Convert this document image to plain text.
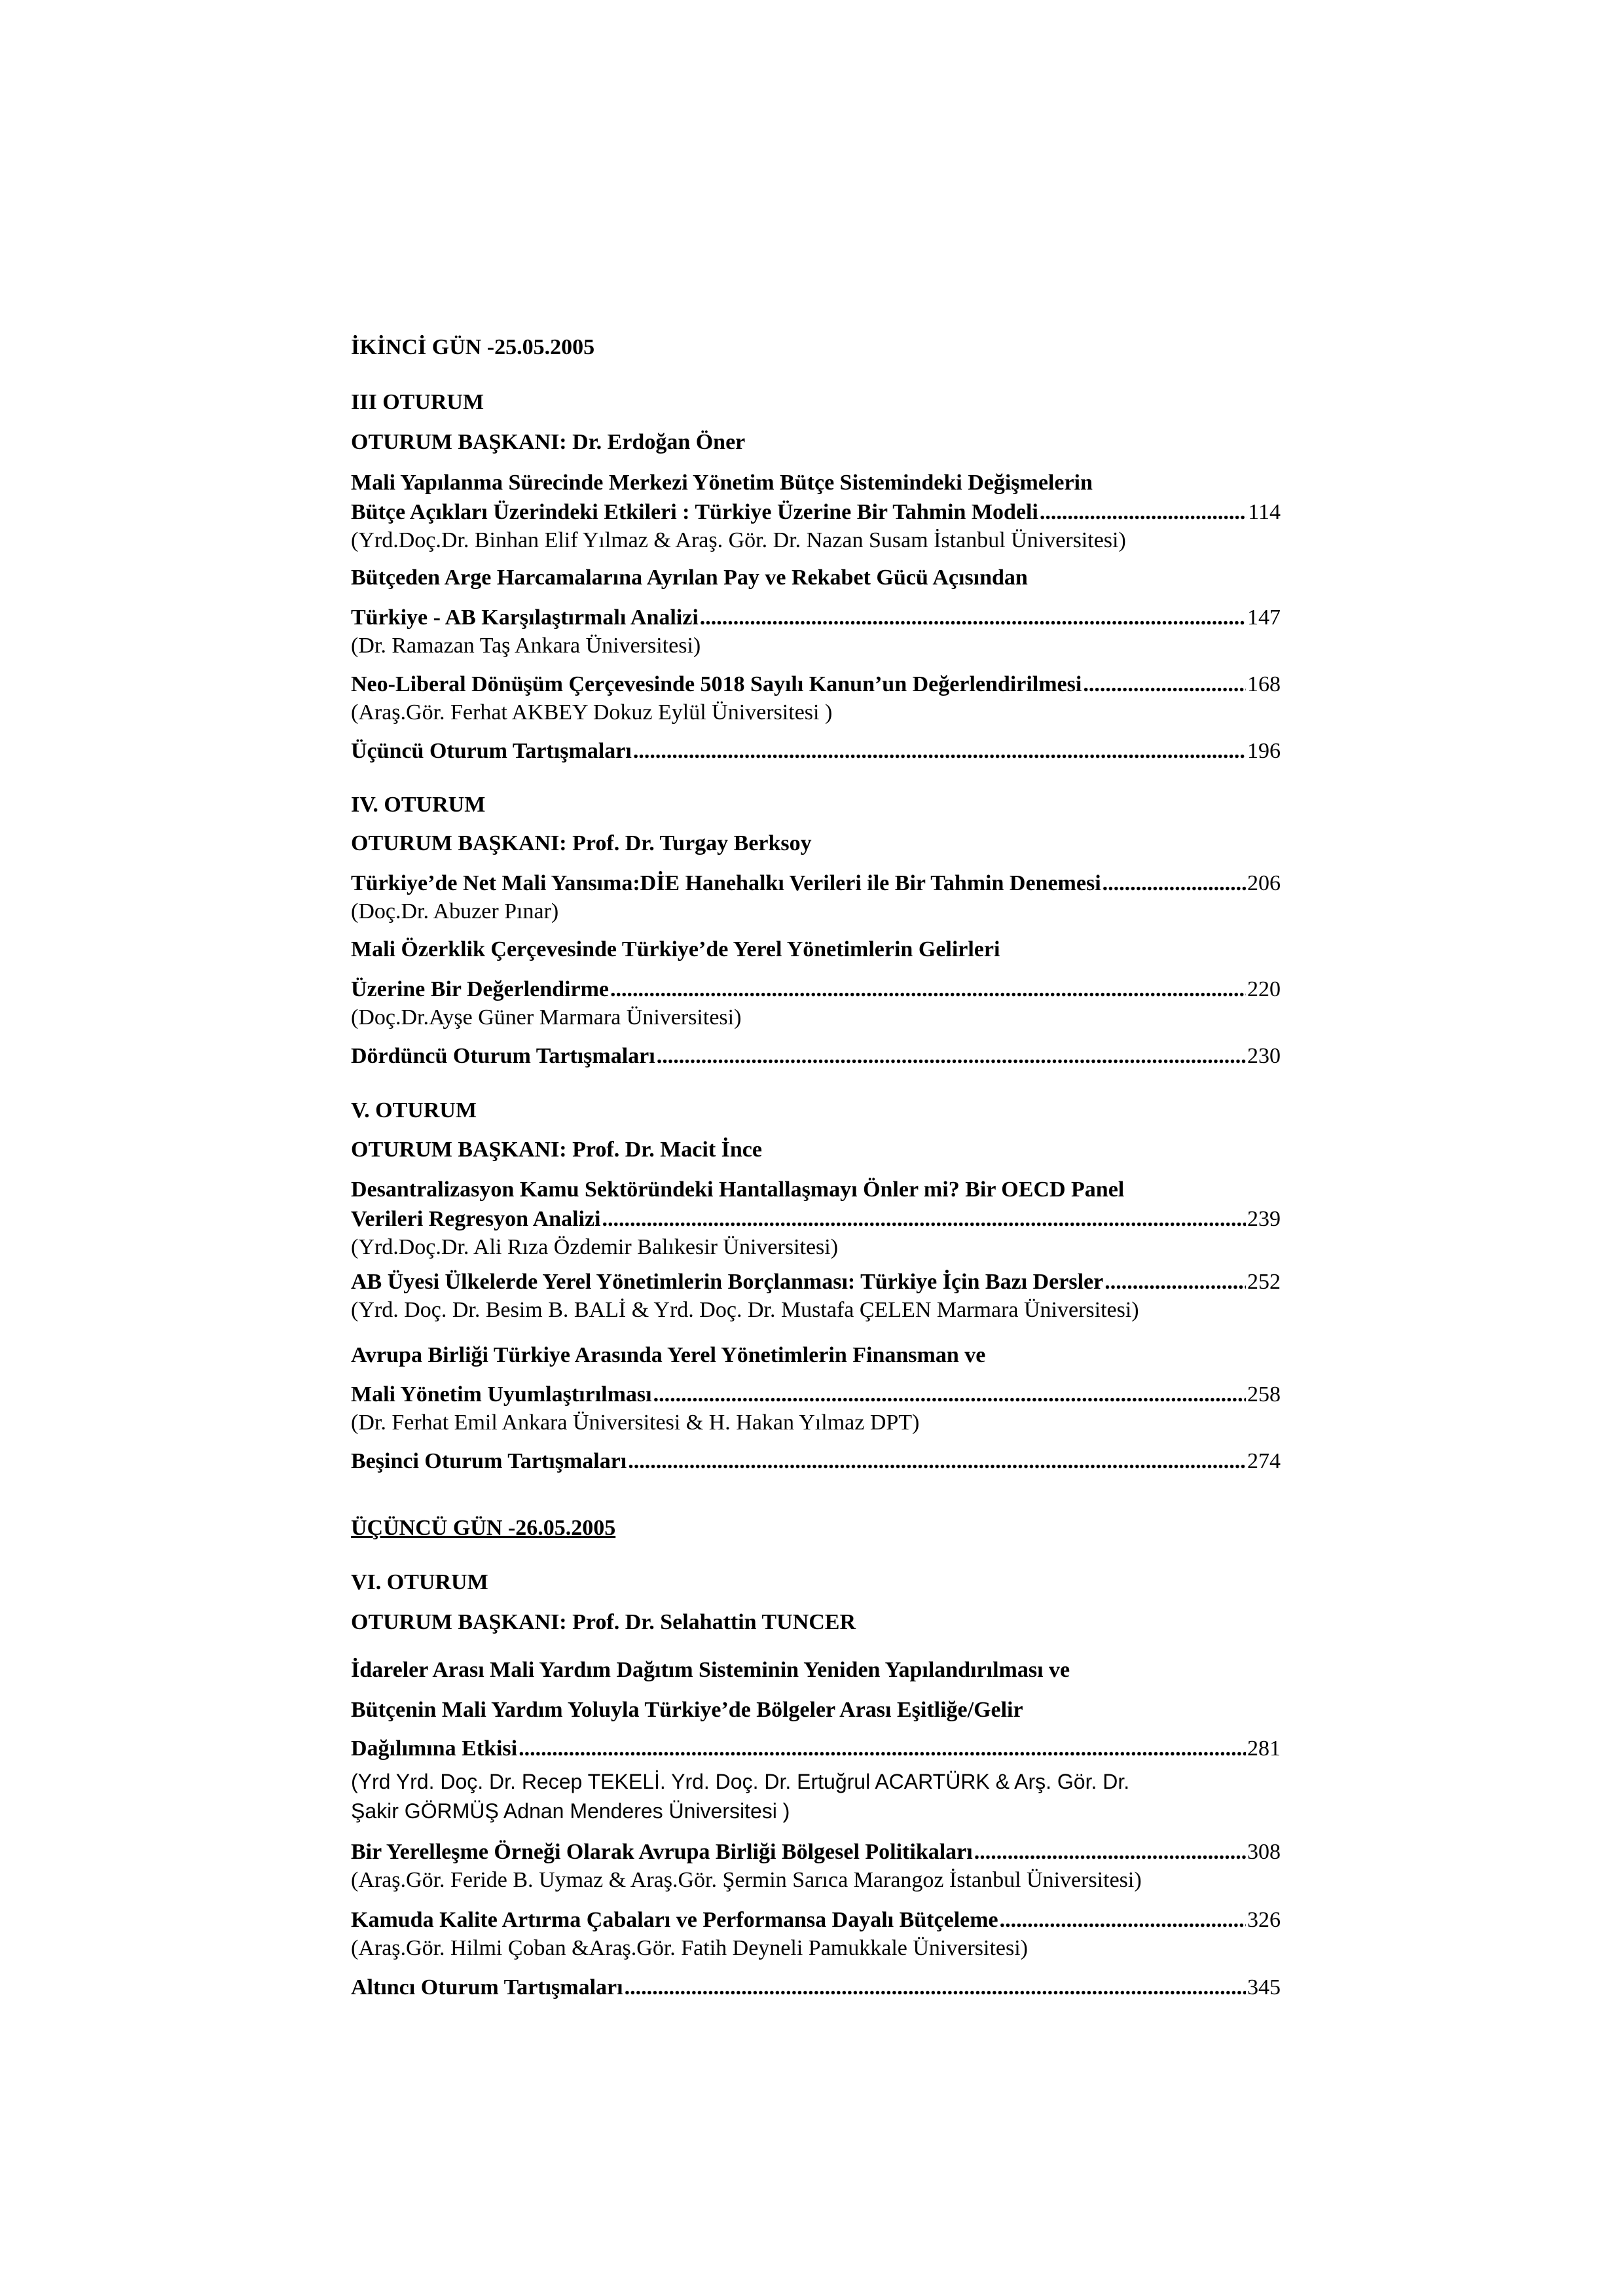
İKİNCİ GÜN -25.05.2005
III OTURUM
OTURUM BAŞKANI: Dr. Erdoğan Öner
Mali Yapılanma Sürecinde Merkezi Yönetim Bütçe Sistemindeki Değişmelerin
Bütçe Açıkları Üzerindeki Etkileri : Türkiye Üzerine Bir Tahmin Modeli .....	114
(Yrd.Doç.Dr. Binhan Elif Yılmaz & Araş. Gör. Dr. Nazan Susam İstanbul Üniversitesi)
Bütçeden Arge Harcamalarına Ayrılan Pay ve Rekabet Gücü Açısından
Türkiye - AB Karşılaştırmalı Analizi .....	147
(Dr. Ramazan Taş Ankara Üniversitesi)
Neo-Liberal Dönüşüm Çerçevesinde 5018 Sayılı Kanun’un Değerlendirilmesi .....	168
(Araş.Gör. Ferhat AKBEY Dokuz Eylül Üniversitesi )
Üçüncü Oturum Tartışmaları .....	196
IV. OTURUM
OTURUM BAŞKANI: Prof. Dr. Turgay Berksoy
Türkiye’de Net Mali Yansıma:DİE Hanehalkı Verileri ile Bir Tahmin Denemesi .....	206
(Doç.Dr. Abuzer Pınar)
Mali Özerklik Çerçevesinde Türkiye’de Yerel Yönetimlerin Gelirleri
Üzerine Bir Değerlendirme .....	220
(Doç.Dr.Ayşe Güner Marmara Üniversitesi)
Dördüncü Oturum Tartışmaları .....	230
V. OTURUM
OTURUM BAŞKANI: Prof. Dr. Macit İnce
Desantralizasyon Kamu Sektöründeki Hantallaşmayı Önler mi? Bir OECD Panel
Verileri Regresyon Analizi .....	239
(Yrd.Doç.Dr. Ali Rıza Özdemir Balıkesir Üniversitesi)
AB Üyesi Ülkelerde Yerel Yönetimlerin Borçlanması: Türkiye İçin Bazı Dersler .....	252
(Yrd. Doç. Dr. Besim B. BALİ & Yrd. Doç. Dr. Mustafa ÇELEN Marmara Üniversitesi)
Avrupa Birliği Türkiye Arasında Yerel Yönetimlerin Finansman ve
Mali Yönetim Uyumlaştırılması .....	258
(Dr. Ferhat Emil Ankara Üniversitesi & H. Hakan Yılmaz DPT)
Beşinci Oturum Tartışmaları .....	274
ÜÇÜNCÜ GÜN -26.05.2005
VI. OTURUM
OTURUM BAŞKANI: Prof. Dr. Selahattin TUNCER
İdareler Arası Mali Yardım Dağıtım Sisteminin Yeniden Yapılandırılması ve
Bütçenin Mali Yardım Yoluyla Türkiye’de Bölgeler Arası Eşitliğe/Gelir
Dağılımına Etkisi .....	281
(Yrd Yrd. Doç. Dr. Recep TEKELİ. Yrd. Doç. Dr. Ertuğrul ACARTÜRK & Arş. Gör. Dr.
Şakir GÖRMÜŞ Adnan Menderes Üniversitesi )
Bir Yerelleşme Örneği Olarak Avrupa Birliği Bölgesel Politikaları .....	308
(Araş.Gör. Feride B. Uymaz & Araş.Gör. Şermin Sarıca Marangoz İstanbul Üniversitesi)
Kamuda Kalite Artırma Çabaları ve Performansa Dayalı Bütçeleme .....	326
(Araş.Gör. Hilmi Çoban &Araş.Gör. Fatih Deyneli Pamukkale Üniversitesi)
Altıncı Oturum Tartışmaları .....	345
